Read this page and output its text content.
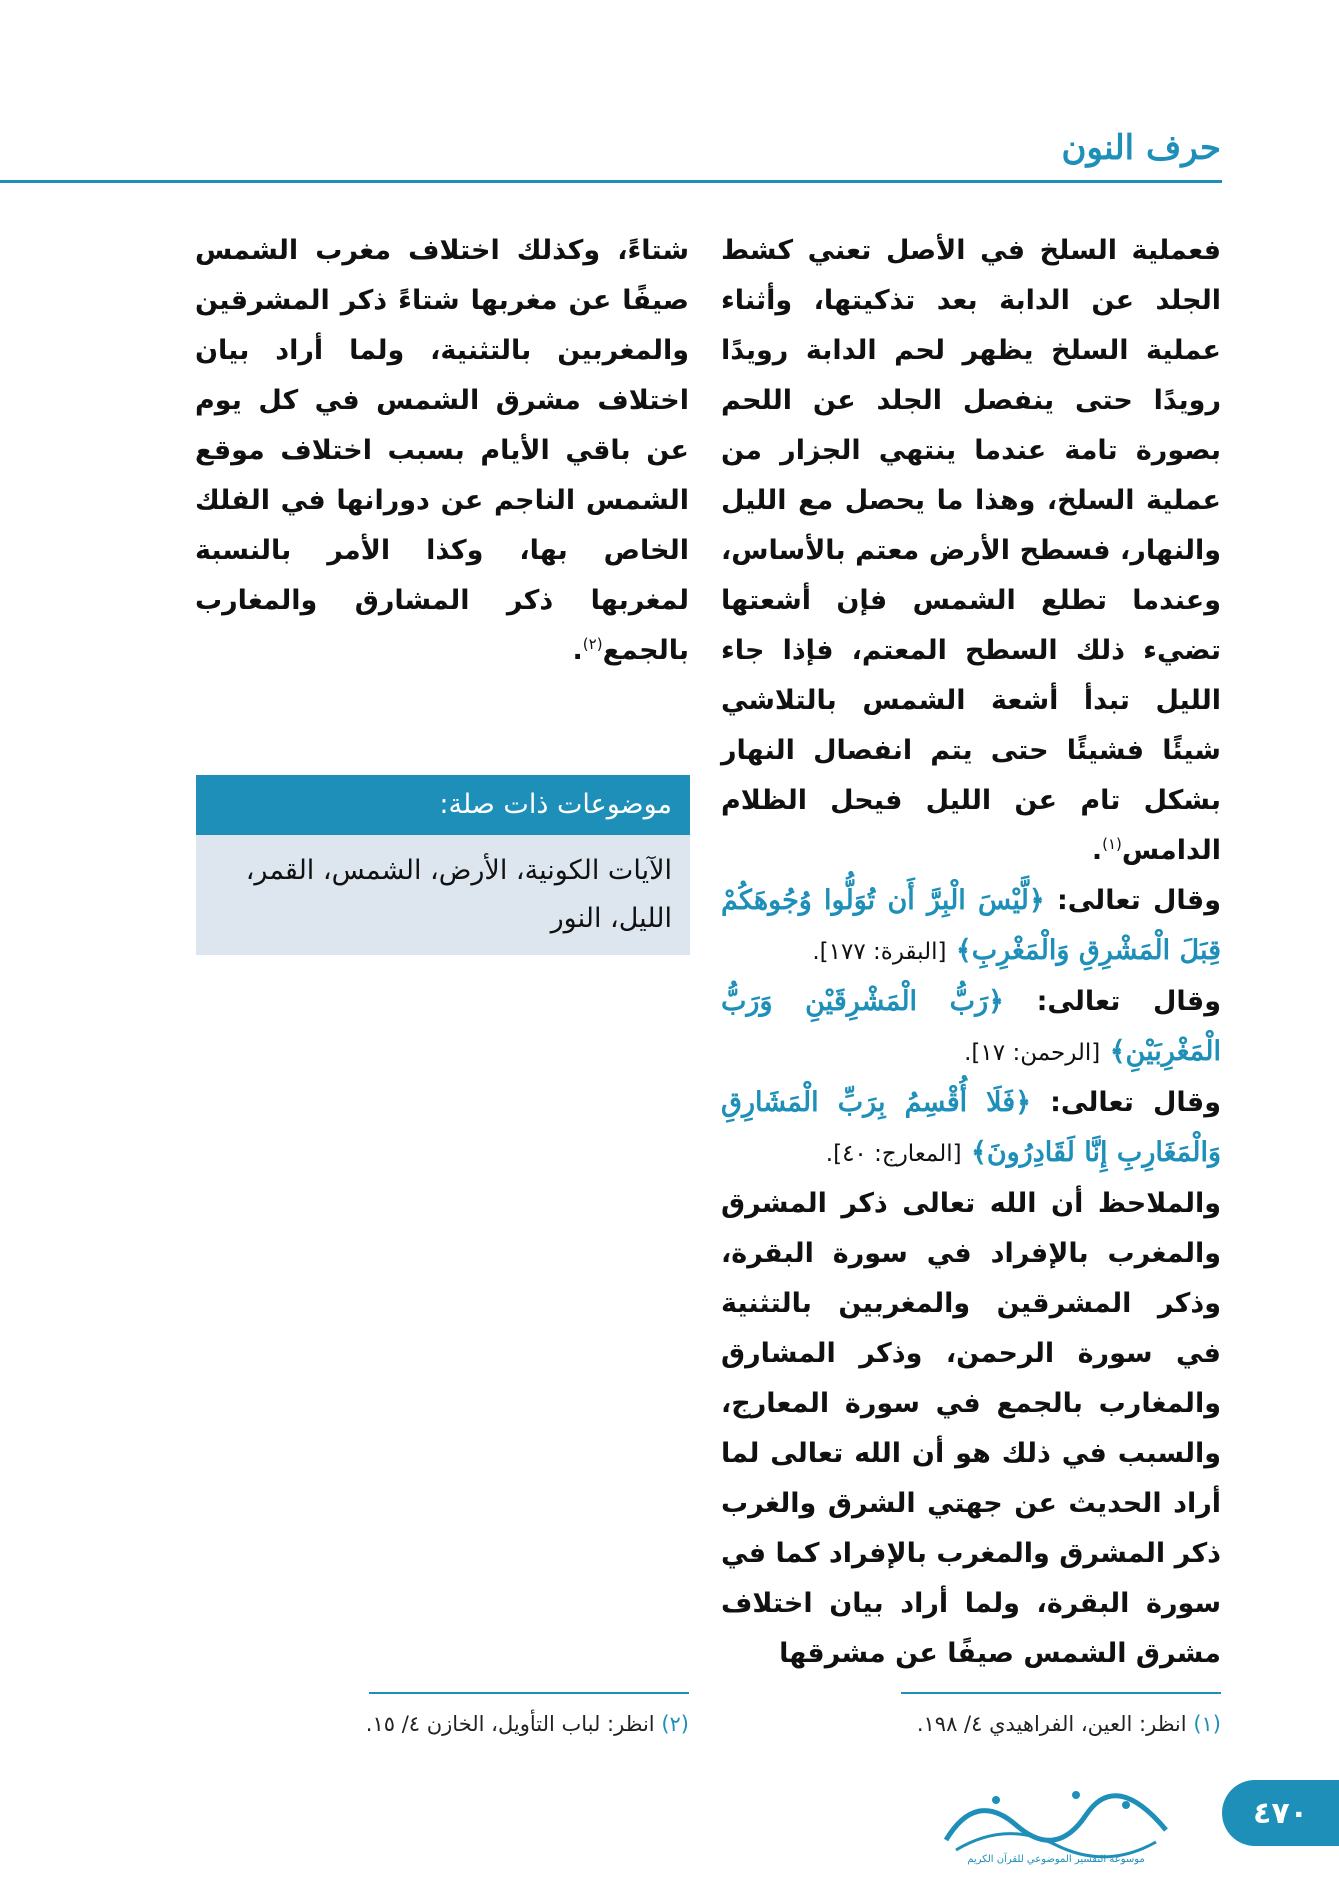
حرف النون

فعملية السلخ في الأصل تعني كشط الجلد عن الدابة بعد تذكيتها، وأثناء عملية السلخ يظهر لحم الدابة رويدًا رويدًا حتى ينفصل الجلد عن اللحم بصورة تامة عندما ينتهي الجزار من عملية السلخ، وهذا ما يحصل مع الليل والنهار، فسطح الأرض معتم بالأساس، وعندما تطلع الشمس فإن أشعتها تضيء ذلك السطح المعتم، فإذا جاء الليل تبدأ أشعة الشمس بالتلاشي شيئًا فشيئًا حتى يتم انفصال النهار بشكل تام عن الليل فيحل الظلام الدامس$^{(١)}$.

وقال تعالى: ﴿لَّيْسَ الْبِرَّ أَن تُوَلُّوا وُجُوهَكُمْ قِبَلَ الْمَشْرِقِ وَالْمَغْرِبِ﴾ [البقرة: ١٧٧].

وقال تعالى: ﴿رَبُّ الْمَشْرِقَيْنِ وَرَبُّ الْمَغْرِبَيْنِ﴾ [الرحمن: ١٧].

وقال تعالى: ﴿فَلَا أُقْسِمُ بِرَبِّ الْمَشَارِقِ وَالْمَغَارِبِ إِنَّا لَقَادِرُونَ﴾ [المعارج: ٤٠].

والملاحظ أن الله تعالى ذكر المشرق والمغرب بالإفراد في سورة البقرة، وذكر المشرقين والمغربين بالتثنية في سورة الرحمن، وذكر المشارق والمغارب بالجمع في سورة المعارج، والسبب في ذلك هو أن الله تعالى لما أراد الحديث عن جهتي الشرق والغرب ذكر المشرق والمغرب بالإفراد كما في سورة البقرة، ولما أراد بيان اختلاف مشرق الشمس صيفًا عن مشرقها

شتاءً، وكذلك اختلاف مغرب الشمس صيفًا عن مغربها شتاءً ذكر المشرقين والمغربين بالتثنية، ولما أراد بيان اختلاف مشرق الشمس في كل يوم عن باقي الأيام بسبب اختلاف موقع الشمس الناجم عن دورانها في الفلك الخاص بها، وكذا الأمر بالنسبة لمغربها ذكر المشارق والمغارب بالجمع$^{(٢)}$.

موضوعات ذات صلة:
الآيات الكونية، الأرض، الشمس، القمر، الليل، النور
(١) انظر: العين، الفراهيدي ٤/ ١٩٨.
(٢) انظر: لباب التأويل، الخازن ٤/ ١٥.
موسوعة التفسير الموضوعي للقرآن الكريم
٤٧٠
